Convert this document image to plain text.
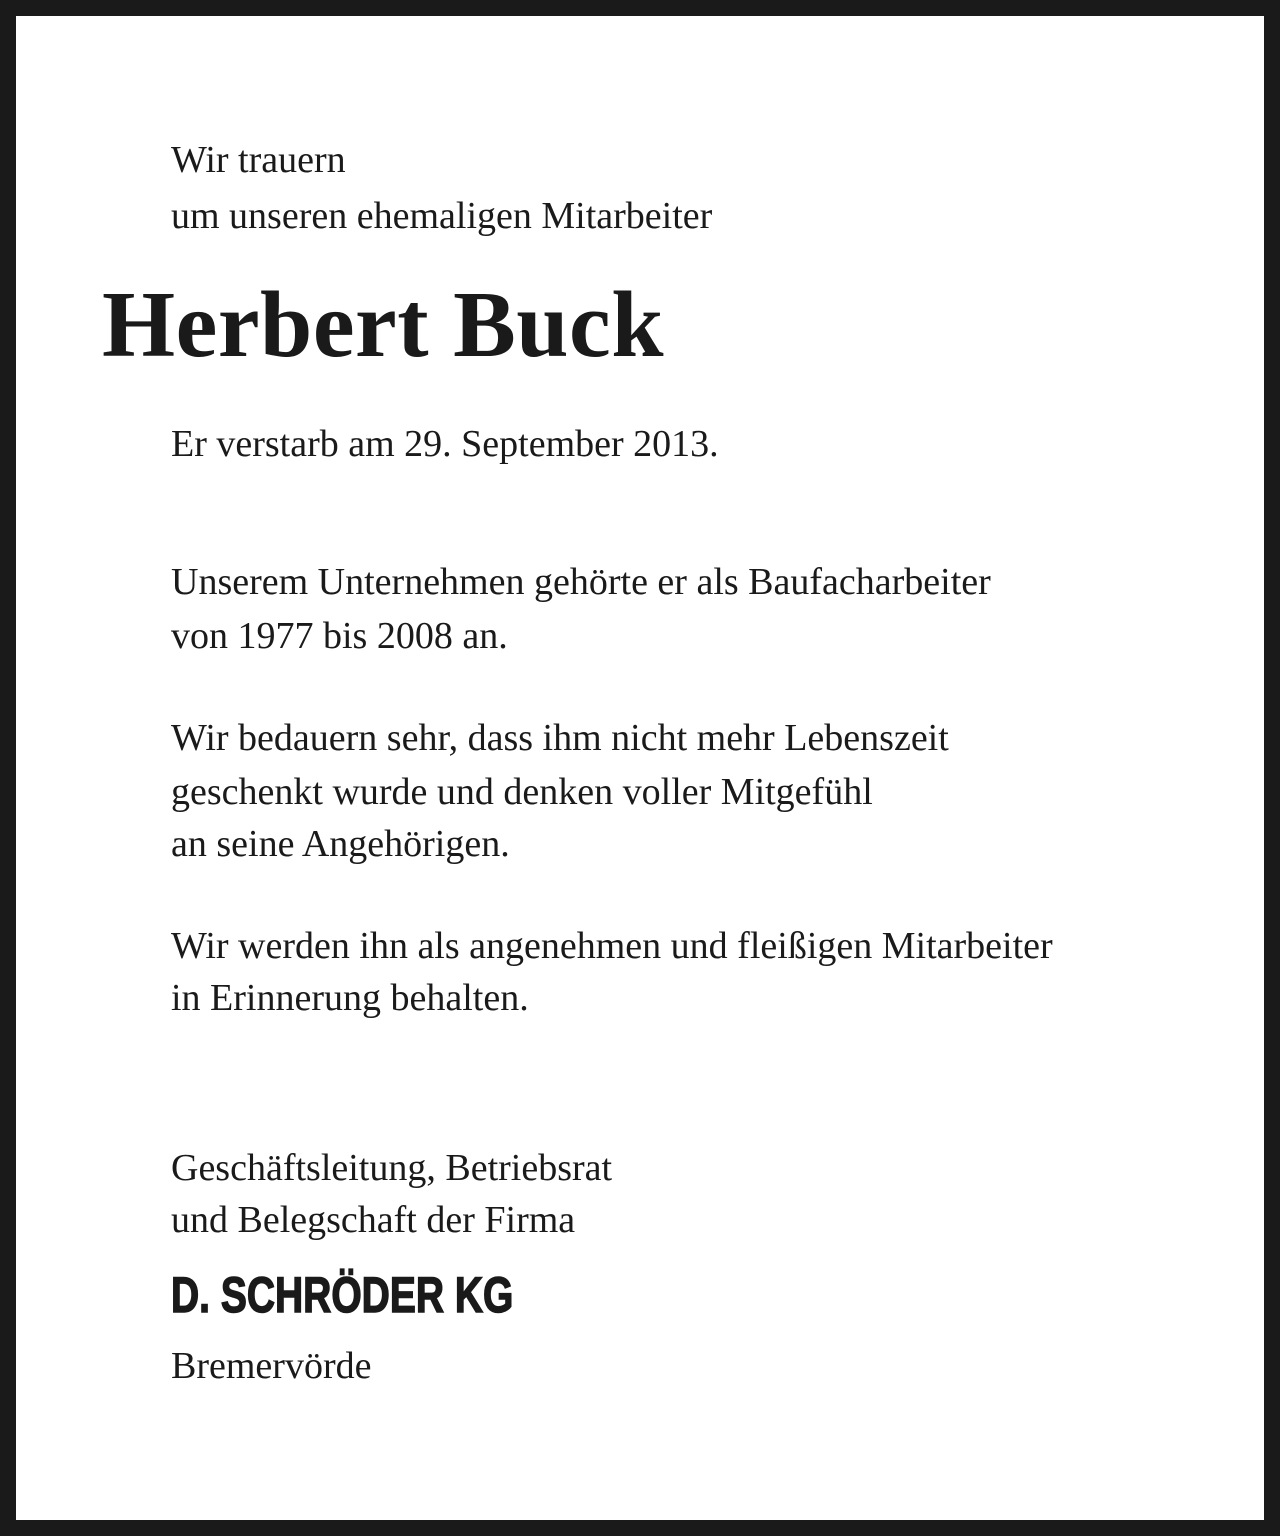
Wir trauern

um unseren ehemaligen Mitarbeiter

Herbert Buck

Er verstarb am 29. September 2013.

Unserem Unternehmen gehörte er als Baufacharbeiter

von 1977 bis 2008 an.

Wir bedauern sehr, dass ihm nicht mehr Lebenszeit

geschenkt wurde und denken voller Mitgefühl

an seine Angehörigen.

Wir werden ihn als angenehmen und fleißigen Mitarbeiter

in Erinnerung behalten.

Geschäftsleitung, Betriebsrat

und Belegschaft der Firma

D. SCHRÖDER KG

Bremervörde
